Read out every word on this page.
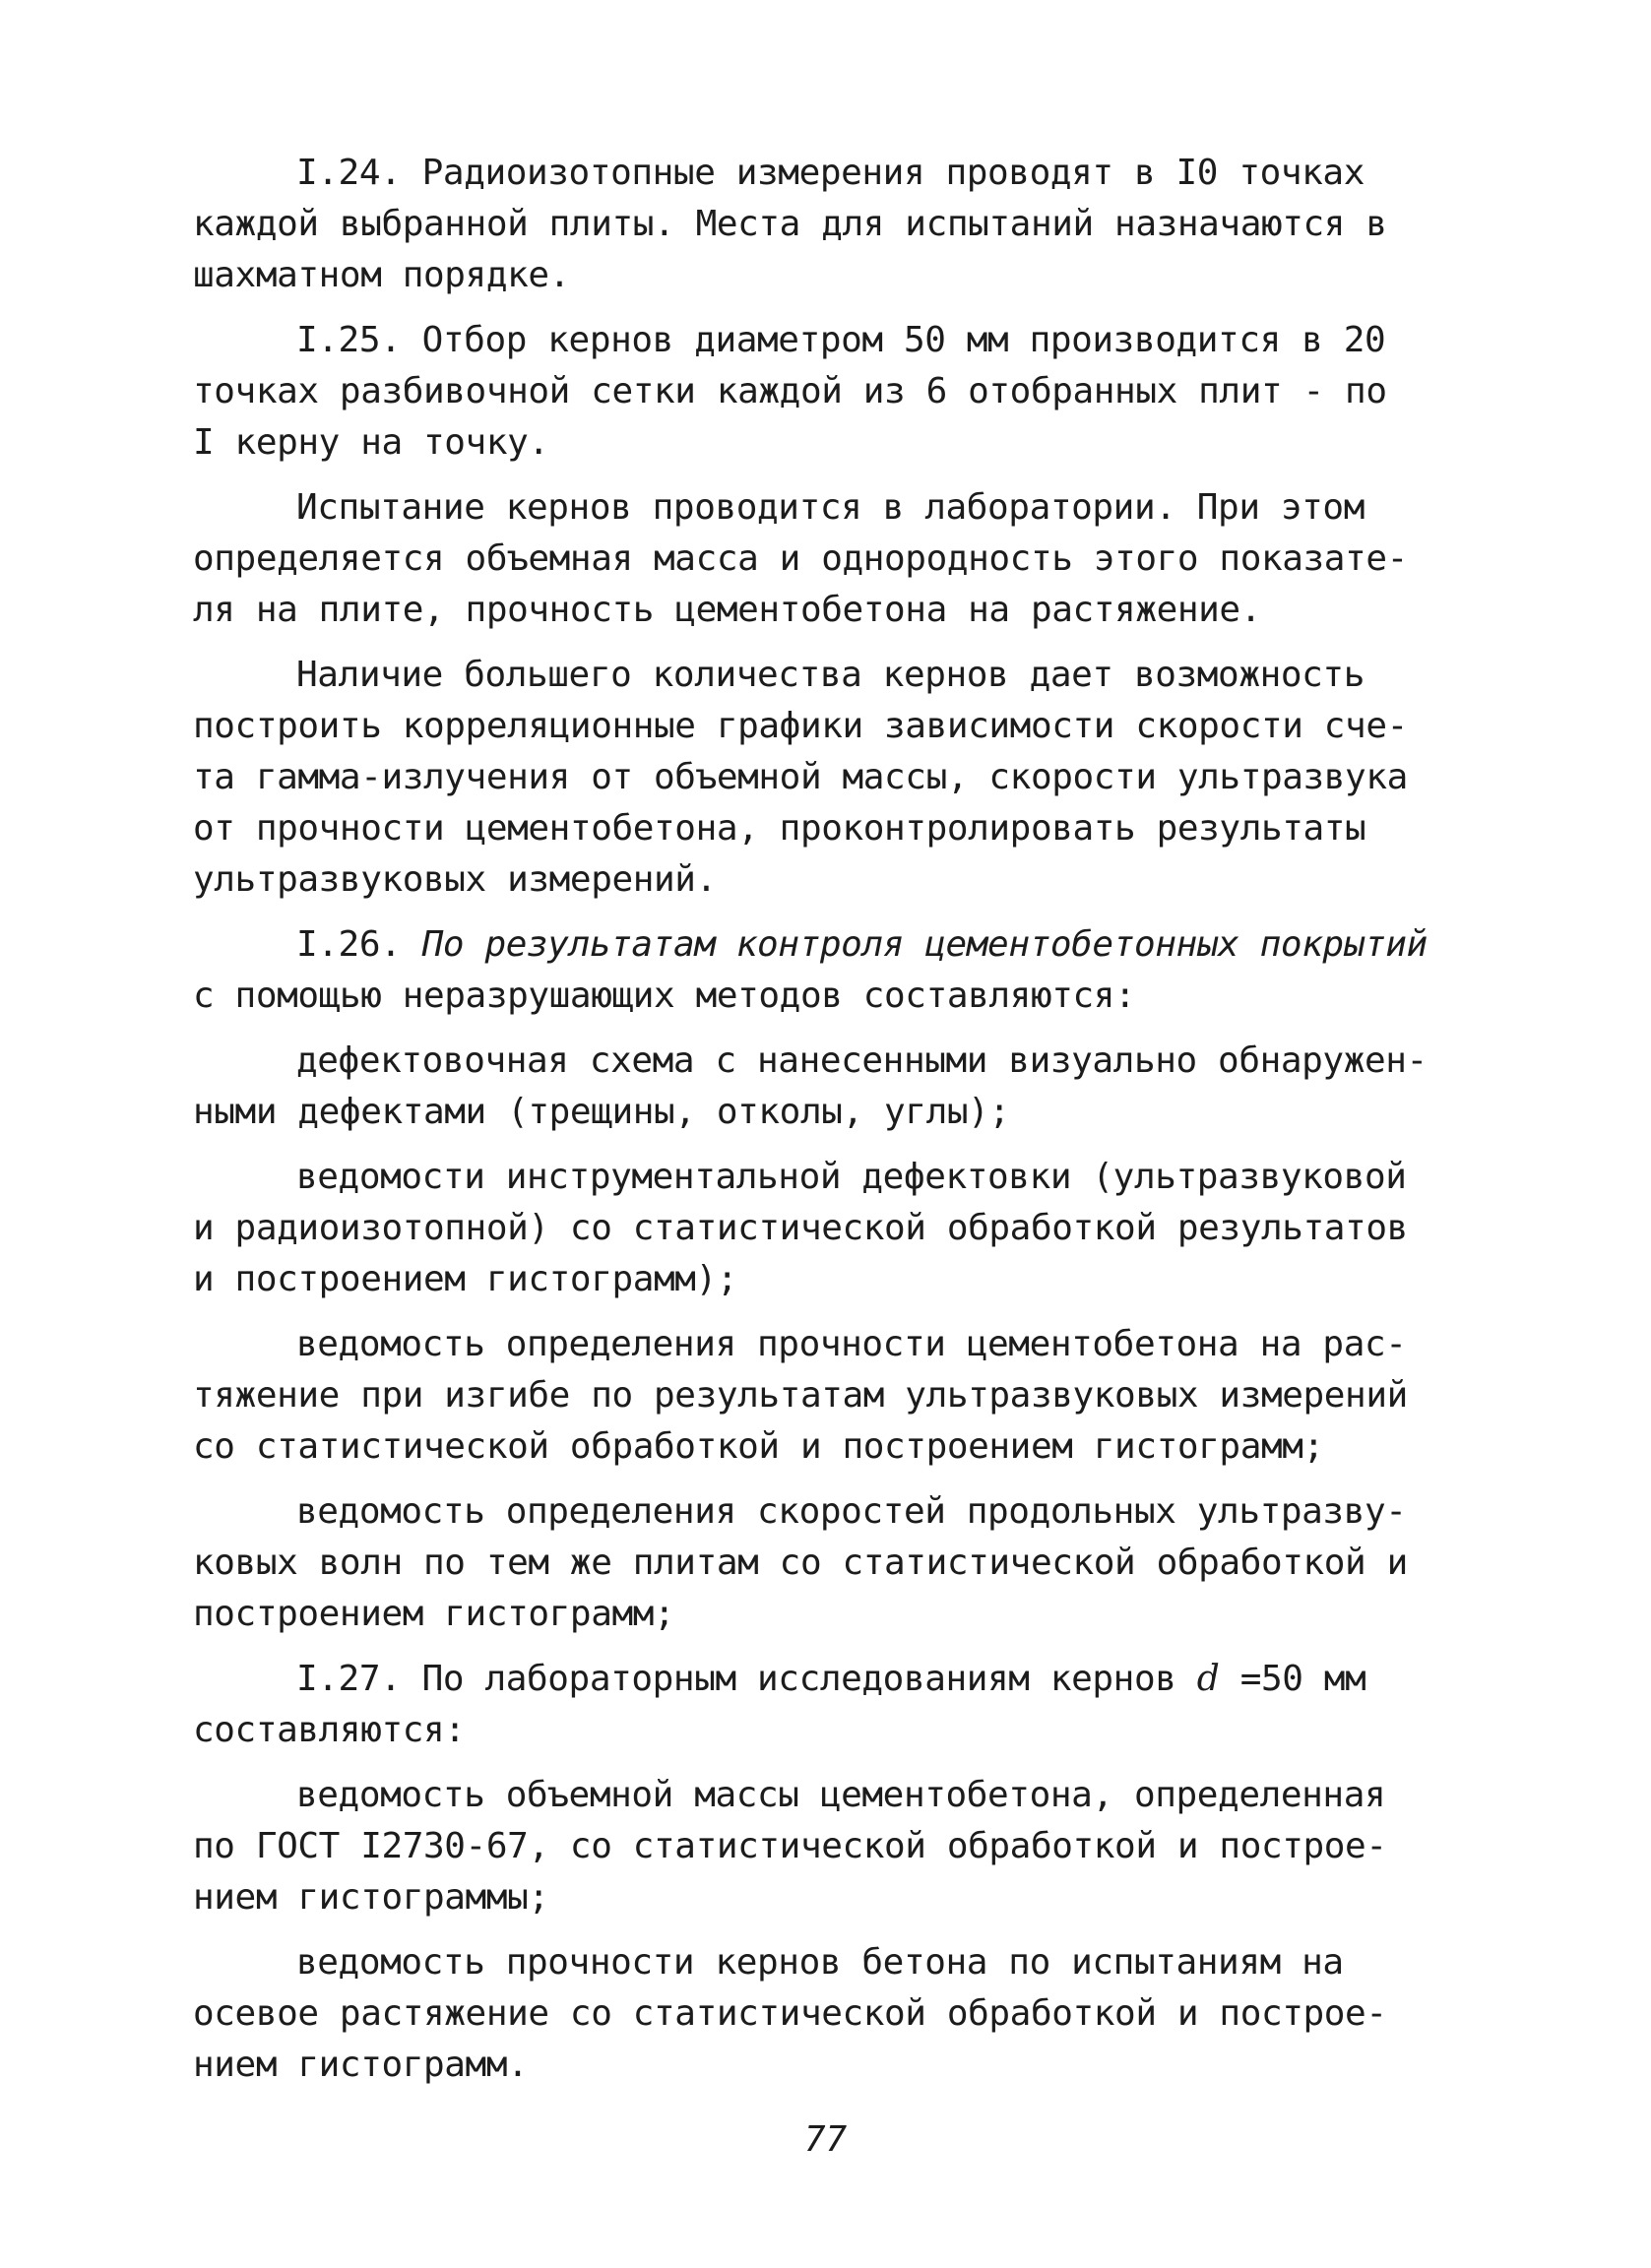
I.24. Радиоизотопные измерения проводят в I0 точках
каждой выбранной плиты. Места для испытаний назначаются в
шахматном порядке.

I.25. Отбор кернов диаметром 50 мм производится в 20
точках разбивочной сетки каждой из 6 отобранных плит - по
I керну на точку.

Испытание кернов проводится в лаборатории. При этом
определяется объемная масса и однородность этого показате-
ля на плите, прочность цементобетона на растяжение.

Наличие большего количества кернов дает возможность
построить корреляционные графики зависимости скорости сче-
та гамма-излучения от объемной массы, скорости ультразвука
от прочности цементобетона, проконтролировать результаты
ультразвуковых измерений.

I.26. По результатам контроля цементобетонных покрытий
с помощью неразрушающих методов составляются:

дефектовочная схема с нанесенными визуально обнаружен-
ными дефектами (трещины, отколы, углы);

ведомости инструментальной дефектовки (ультразвуковой
и радиоизотопной) со статистической обработкой результатов
и построением гистограмм);

ведомость определения прочности цементобетона на рас-
тяжение при изгибе по результатам ультразвуковых измерений
со статистической обработкой и построением гистограмм;

ведомость определения скоростей продольных ультразву-
ковых волн по тем же плитам со статистической обработкой и
построением гистограмм;

I.27. По лабораторным исследованиям кернов d =50 мм
составляются:

ведомость объемной массы цементобетона, определенная
по ГОСТ I2730-67, со статистической обработкой и построе-
нием гистограммы;

ведомость прочности кернов бетона по испытаниям на
осевое растяжение со статистической обработкой и построе-
нием гистограмм.

77
